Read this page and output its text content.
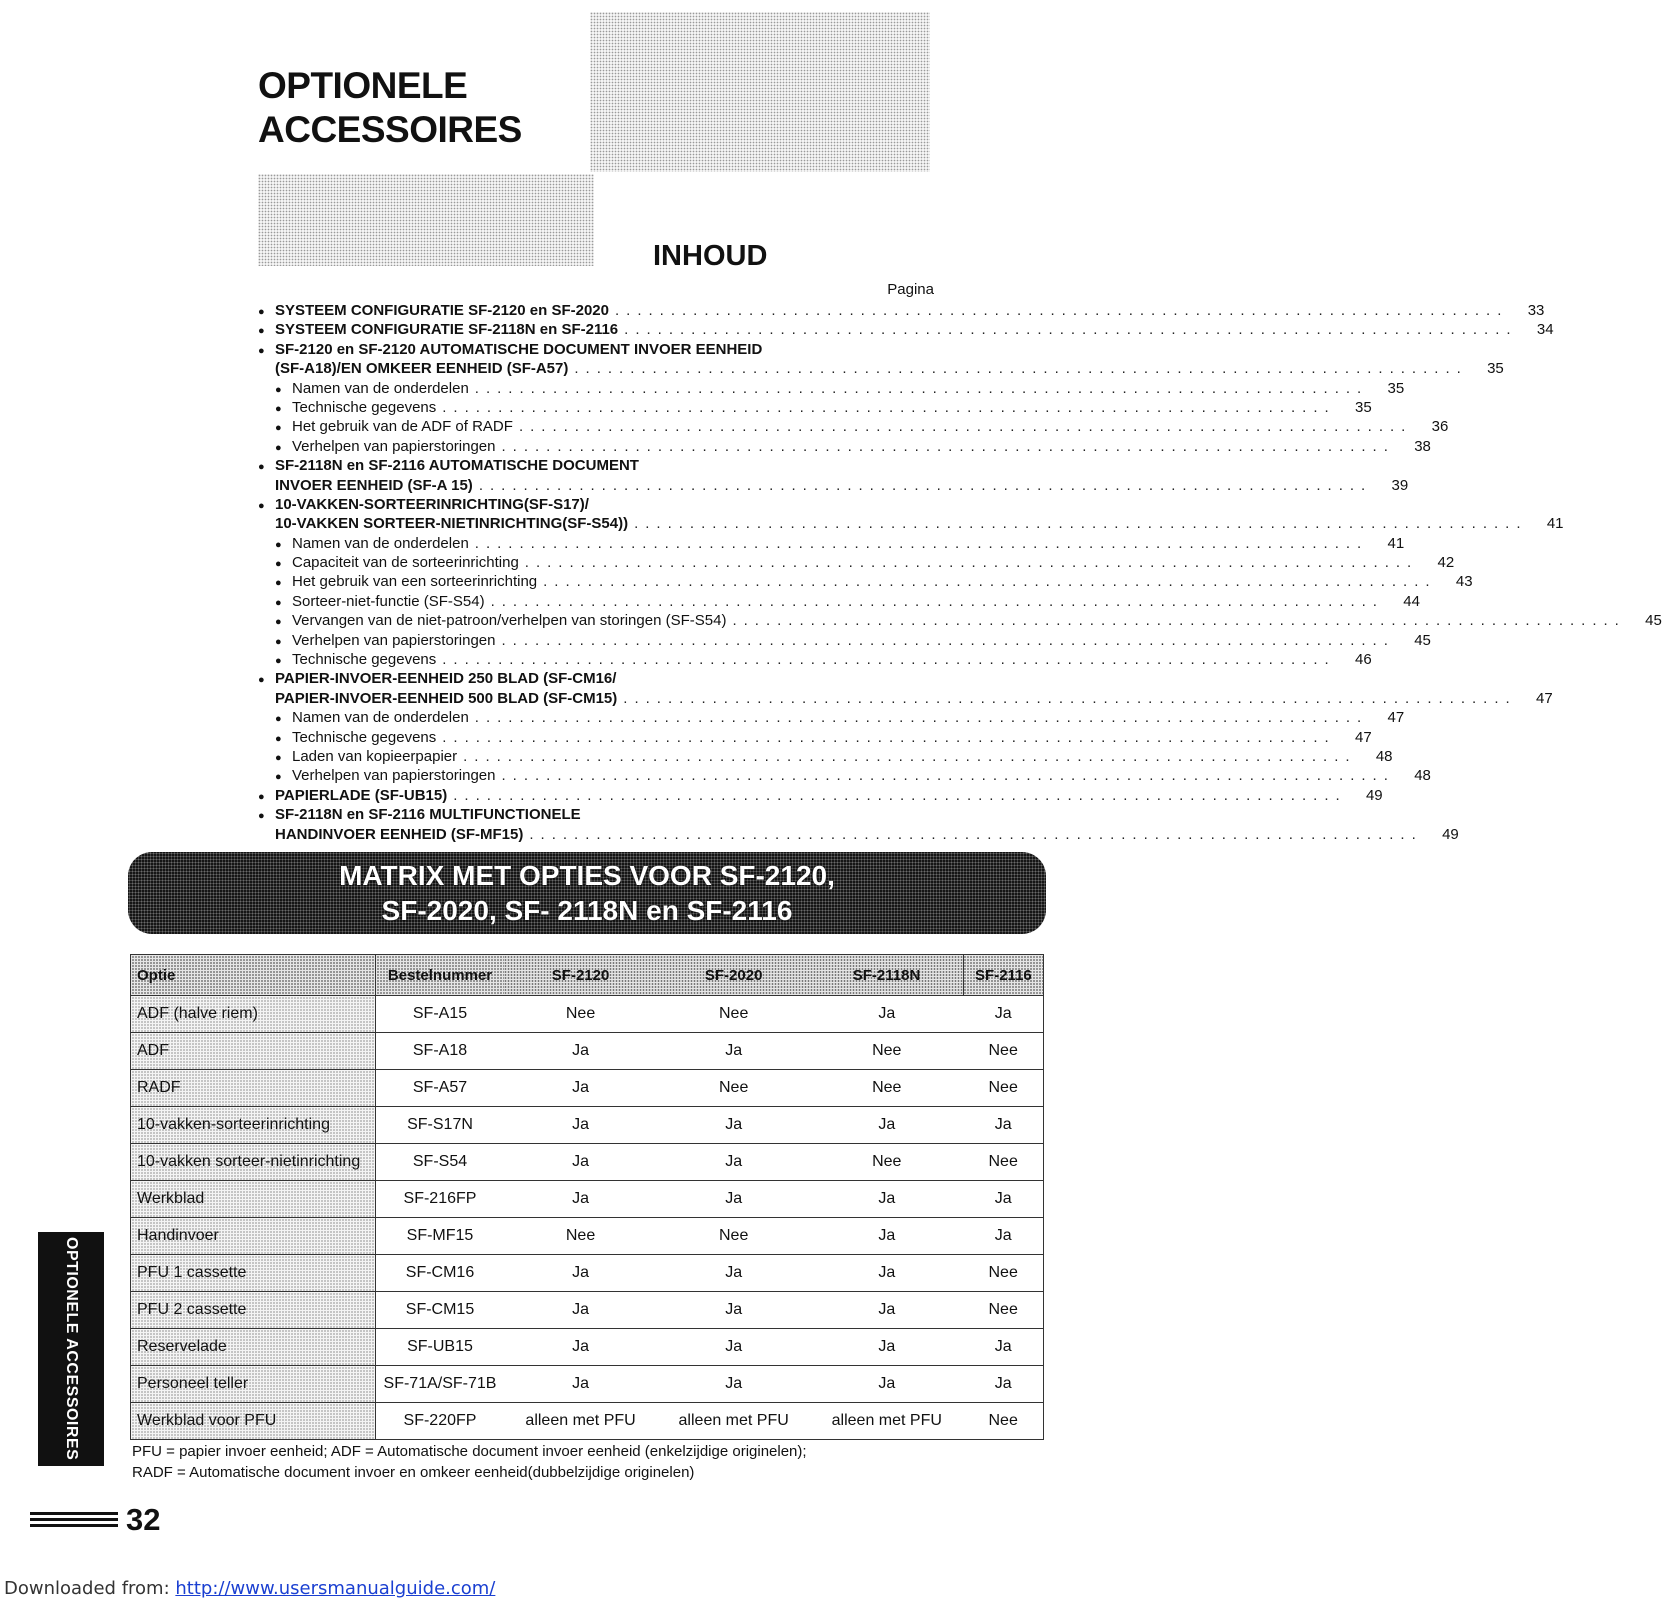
OPTIONELE
ACCESSOIRES
INHOUD
Pagina
● SYSTEEM CONFIGURATIE SF-2120 en SF-2020 ................................................................................	33
● SYSTEEM CONFIGURATIE SF-2118N en SF-2116 ................................................................................	34
● SF-2120 en SF-2120 AUTOMATISCHE DOCUMENT INVOER EENHEID
(SF-A18)/EN OMKEER EENHEID (SF-A57) ................................................................................	35
● Namen van de onderdelen ................................................................................	35
● Technische gegevens ................................................................................	35
● Het gebruik van de ADF of RADF ................................................................................	36
● Verhelpen van papierstoringen ................................................................................	38
● SF-2118N en SF-2116 AUTOMATISCHE DOCUMENT
INVOER EENHEID (SF-A 15) ................................................................................	39
● 10-VAKKEN-SORTEERINRICHTING(SF-S17)/
10-VAKKEN SORTEER-NIETINRICHTING(SF-S54)) ................................................................................	41
● Namen van de onderdelen ................................................................................	41
● Capaciteit van de sorteerinrichting ................................................................................	42
● Het gebruik van een sorteerinrichting ................................................................................	43
● Sorteer-niet-functie (SF-S54) ................................................................................	44
● Vervangen van de niet-patroon/verhelpen van storingen (SF-S54) ................................................................................	45
● Verhelpen van papierstoringen ................................................................................	45
● Technische gegevens ................................................................................	46
● PAPIER-INVOER-EENHEID 250 BLAD (SF-CM16/
PAPIER-INVOER-EENHEID 500 BLAD (SF-CM15) ................................................................................	47
● Namen van de onderdelen ................................................................................	47
● Technische gegevens ................................................................................	47
● Laden van kopieerpapier ................................................................................	48
● Verhelpen van papierstoringen ................................................................................	48
● PAPIERLADE (SF-UB15) ................................................................................	49
● SF-2118N en SF-2116 MULTIFUNCTIONELE
HANDINVOER EENHEID (SF-MF15) ................................................................................	49
MATRIX MET OPTIES VOOR SF-2120,
SF-2020, SF- 2118N en SF-2116
Optie	Bestelnummer	SF-2120	SF-2020	SF-2118N	SF-2116
ADF (halve riem)	SF-A15	Nee	Nee	Ja	Ja
ADF	SF-A18	Ja	Ja	Nee	Nee
RADF	SF-A57	Ja	Nee	Nee	Nee
10-vakken-sorteerinrichting	SF-S17N	Ja	Ja	Ja	Ja
10-vakken sorteer-nietinrichting	SF-S54	Ja	Ja	Nee	Nee
Werkblad	SF-216FP	Ja	Ja	Ja	Ja
Handinvoer	SF-MF15	Nee	Nee	Ja	Ja
PFU 1 cassette	SF-CM16	Ja	Ja	Ja	Nee
PFU 2 cassette	SF-CM15	Ja	Ja	Ja	Nee
Reservelade	SF-UB15	Ja	Ja	Ja	Ja
Personeel teller	SF-71A/SF-71B	Ja	Ja	Ja	Ja
Werkblad voor PFU	SF-220FP	alleen met PFU	alleen met PFU	alleen met PFU	Nee
PFU = papier invoer eenheid; ADF = Automatische document invoer eenheid (enkelzijdige originelen);
RADF = Automatische document invoer en omkeer eenheid(dubbelzijdige originelen)
OPTIONELE ACCESSOIRES
32
Downloaded from: http://www.usersmanualguide.com/
